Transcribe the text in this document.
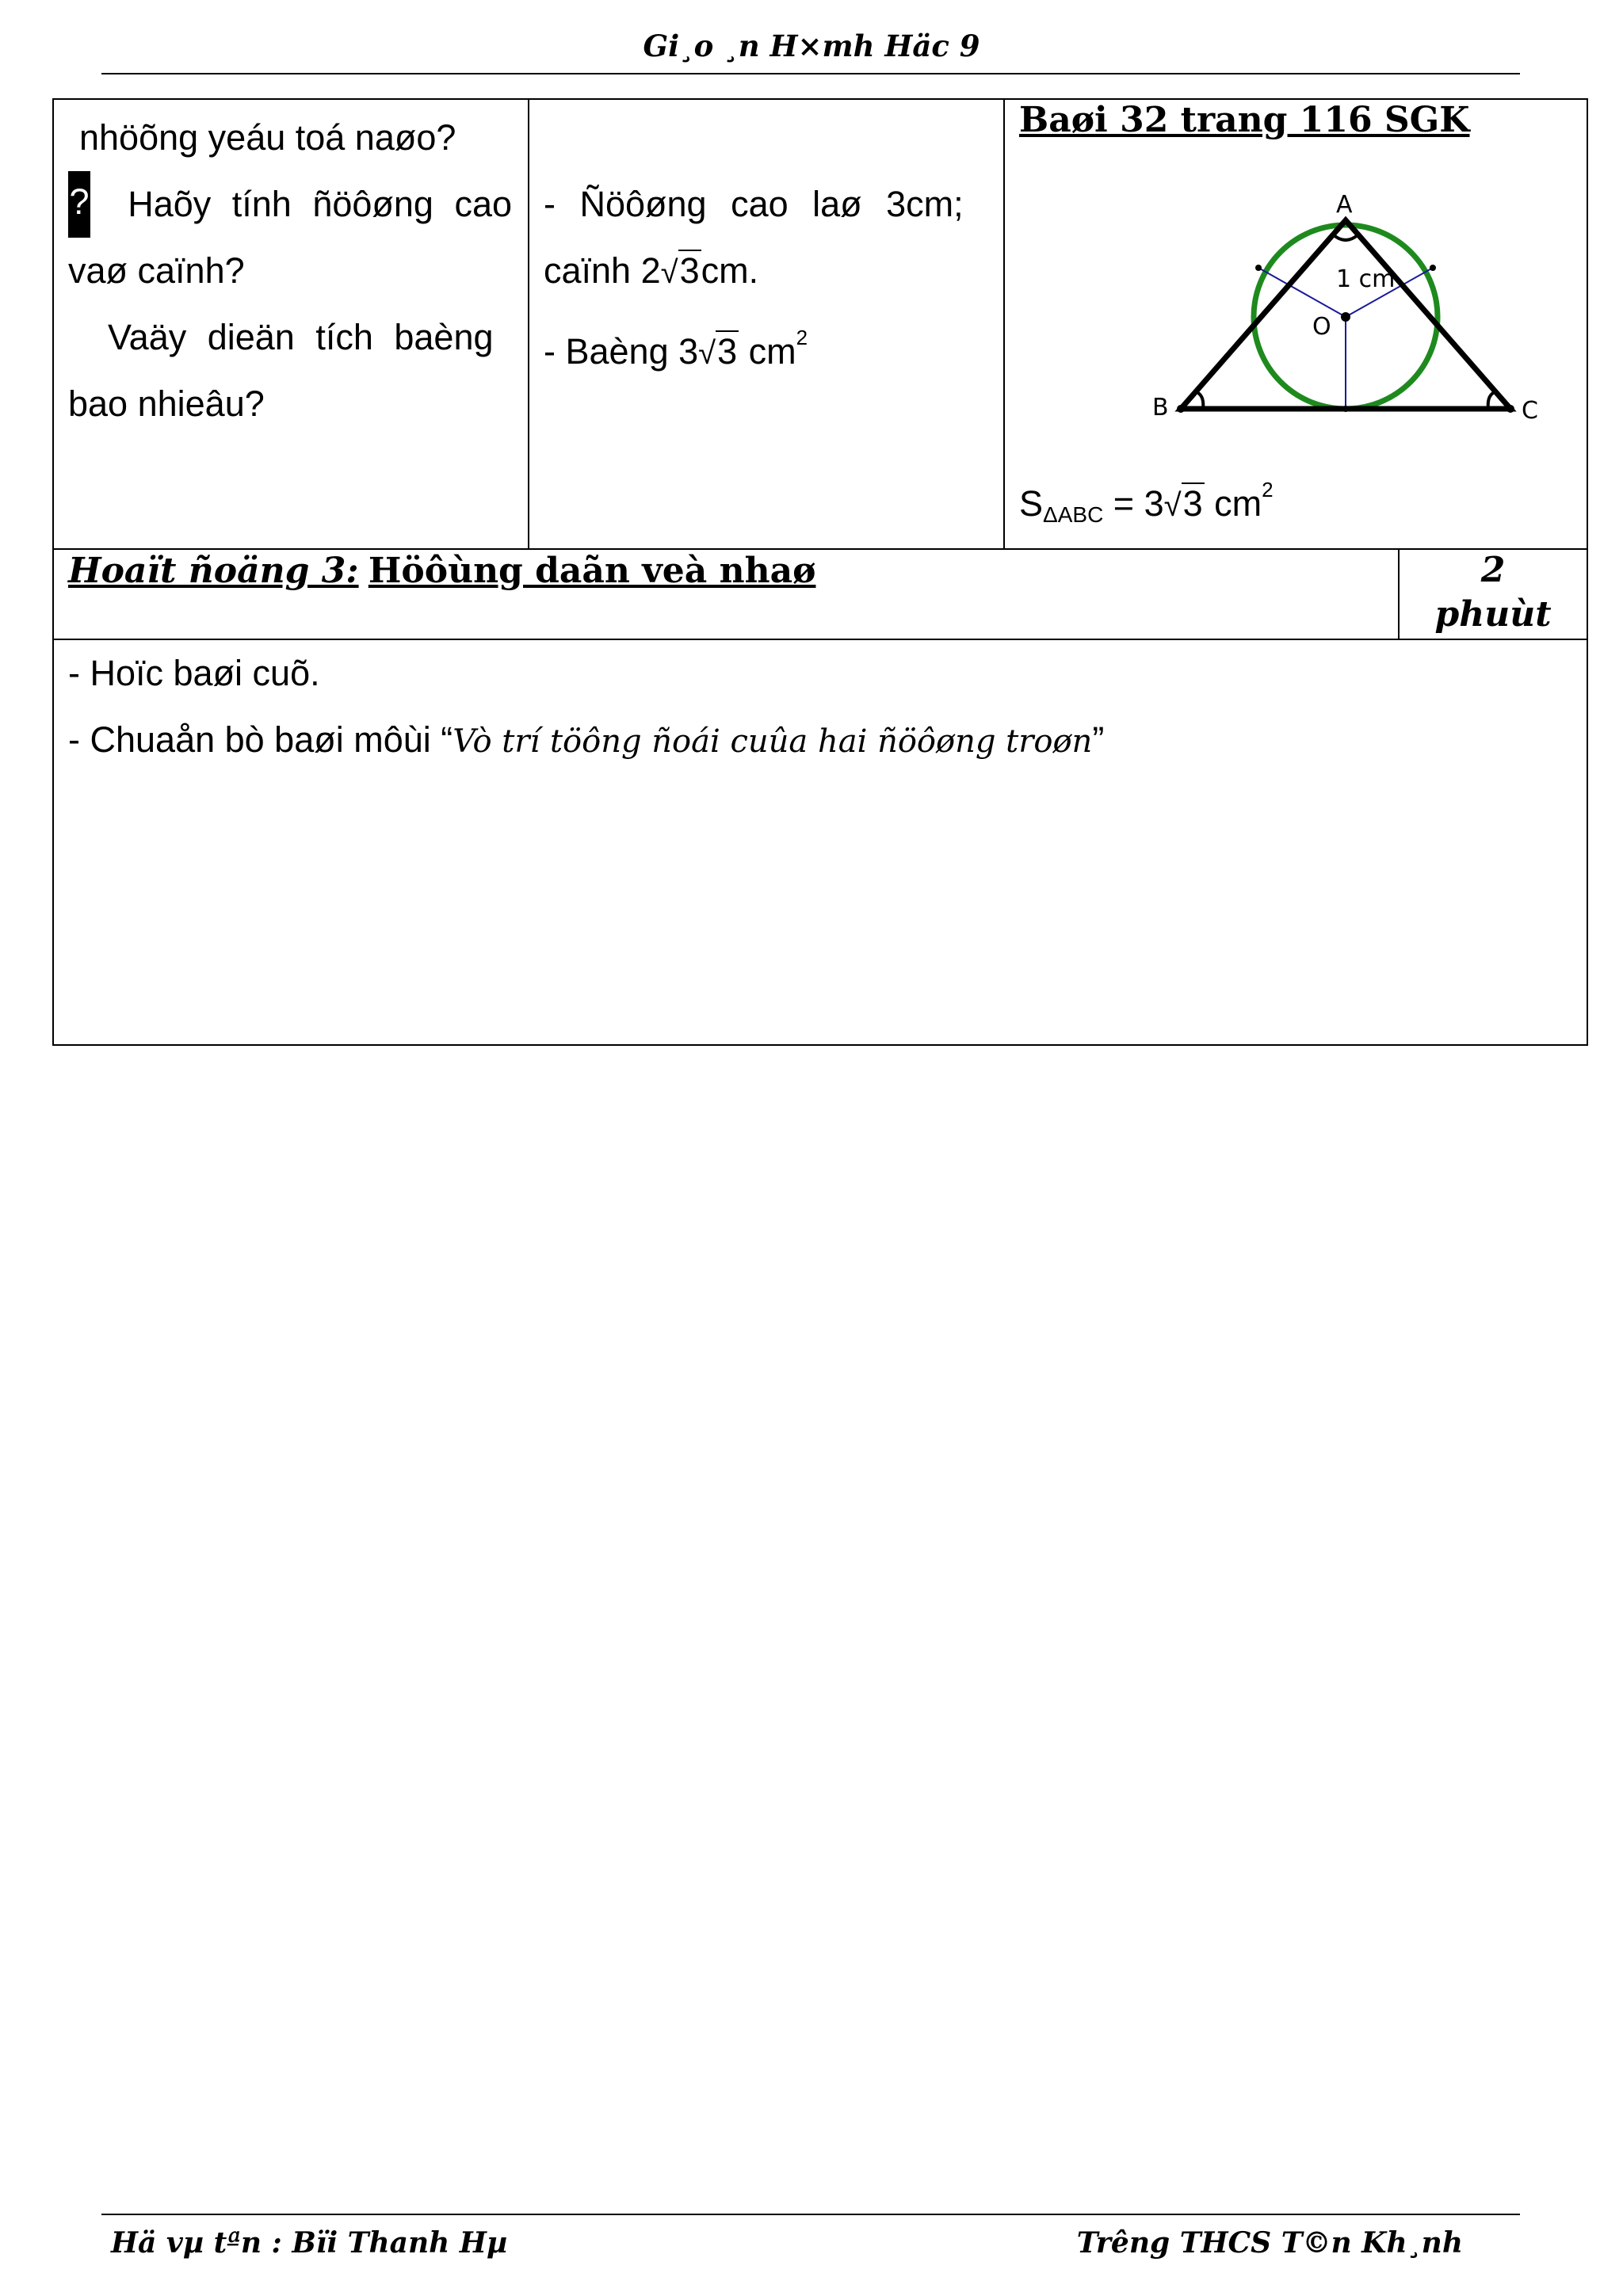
Gi¸o ¸n H×mh Häc 9
nhöõng yeáu toá naøo?
? Haõy tính ñöôøng cao
vaø caïnh?
Vaäy dieän tích baèng
bao nhieâu?
- Ñöôøng cao laø 3cm;
caïnh 2√3cm.
- Baèng 3√3 $cm^2$
Baøi 32 trang 116 SGK
A
B	C
O
1 cm
$S_{\Delta ABC} = 3√3$ $cm^2$
Hoaït ñoäng 3: Höôùng daãn veà nhaø	2
phuùt
- Hoïc baøi cuõ.
- Chuaån bò baøi môùi “Vò trí töông ñoái cuûa hai ñöôøng troøn”
Hä vµ tªn : Bïi Thanh Hµ	Trêng THCS T©n Kh¸nh
